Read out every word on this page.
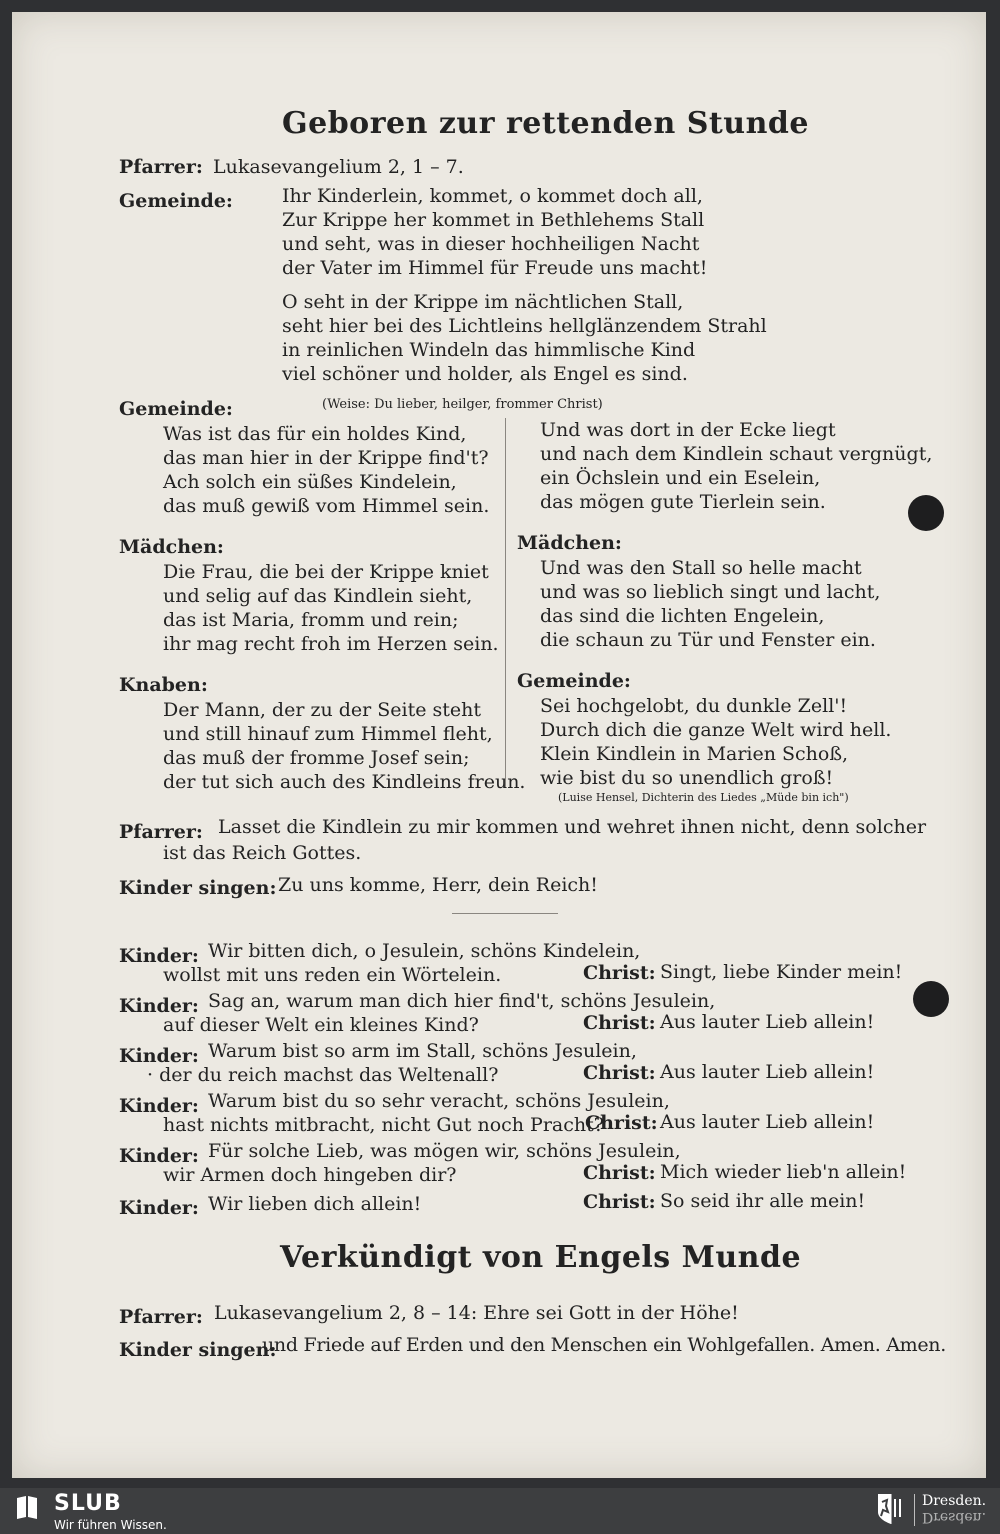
Geboren zur rettenden Stunde
Pfarrer: Lukasevangelium 2, 1 – 7.
Gemeinde:	Ihr Kinderlein, kommet, o kommet doch all,
Zur Krippe her kommet in Bethlehems Stall
und seht, was in dieser hochheiligen Nacht
der Vater im Himmel für Freude uns macht!
O seht in der Krippe im nächtlichen Stall,
seht hier bei des Lichtleins hellglänzendem Strahl
in reinlichen Windeln das himmlische Kind
viel schöner und holder, als Engel es sind.
Gemeinde:	(Weise: Du lieber, heilger, frommer Christ)
Was ist das für ein holdes Kind,
das man hier in der Krippe find't?
Ach solch ein süßes Kindelein,
das muß gewiß vom Himmel sein.
Und was dort in der Ecke liegt
und nach dem Kindlein schaut vergnügt,
ein Öchslein und ein Eselein,
das mögen gute Tierlein sein.
Mädchen:
Die Frau, die bei der Krippe kniet
und selig auf das Kindlein sieht,
das ist Maria, fromm und rein;
ihr mag recht froh im Herzen sein.
Mädchen:
Und was den Stall so helle macht
und was so lieblich singt und lacht,
das sind die lichten Engelein,
die schaun zu Tür und Fenster ein.
Knaben:
Der Mann, der zu der Seite steht
und still hinauf zum Himmel fleht,
das muß der fromme Josef sein;
der tut sich auch des Kindleins freun.
Gemeinde:
Sei hochgelobt, du dunkle Zell'!
Durch dich die ganze Welt wird hell.
Klein Kindlein in Marien Schoß,
wie bist du so unendlich groß!
(Luise Hensel, Dichterin des Liedes „Müde bin ich")
Pfarrer: Lasset die Kindlein zu mir kommen und wehret ihnen nicht, denn solcher
ist das Reich Gottes.
Kinder singen: Zu uns komme, Herr, dein Reich!
Kinder: Wir bitten dich, o Jesulein, schöns Kindelein,
wollst mit uns reden ein Wörtelein.	Christ: Singt, liebe Kinder mein!
Kinder: Sag an, warum man dich hier find't, schöns Jesulein,
auf dieser Welt ein kleines Kind?	Christ: Aus lauter Lieb allein!
Kinder: Warum bist so arm im Stall, schöns Jesulein,
· der du reich machst das Weltenall?	Christ: Aus lauter Lieb allein!
Kinder: Warum bist du so sehr veracht, schöns Jesulein,
hast nichts mitbracht, nicht Gut noch Pracht?
Christ: Aus lauter Lieb allein!
Kinder: Für solche Lieb, was mögen wir, schöns Jesulein,
wir Armen doch hingeben dir?	Christ: Mich wieder lieb'n allein!
Kinder: Wir lieben dich allein!	Christ: So seid ihr alle mein!
Verkündigt von Engels Munde
Pfarrer: Lukasevangelium 2, 8 – 14: Ehre sei Gott in der Höhe!
Kinder singen:
und Friede auf Erden und den Menschen ein Wohlgefallen. Amen. Amen.
SLUB
Wir führen Wissen.
Dresden.
Dresden.
